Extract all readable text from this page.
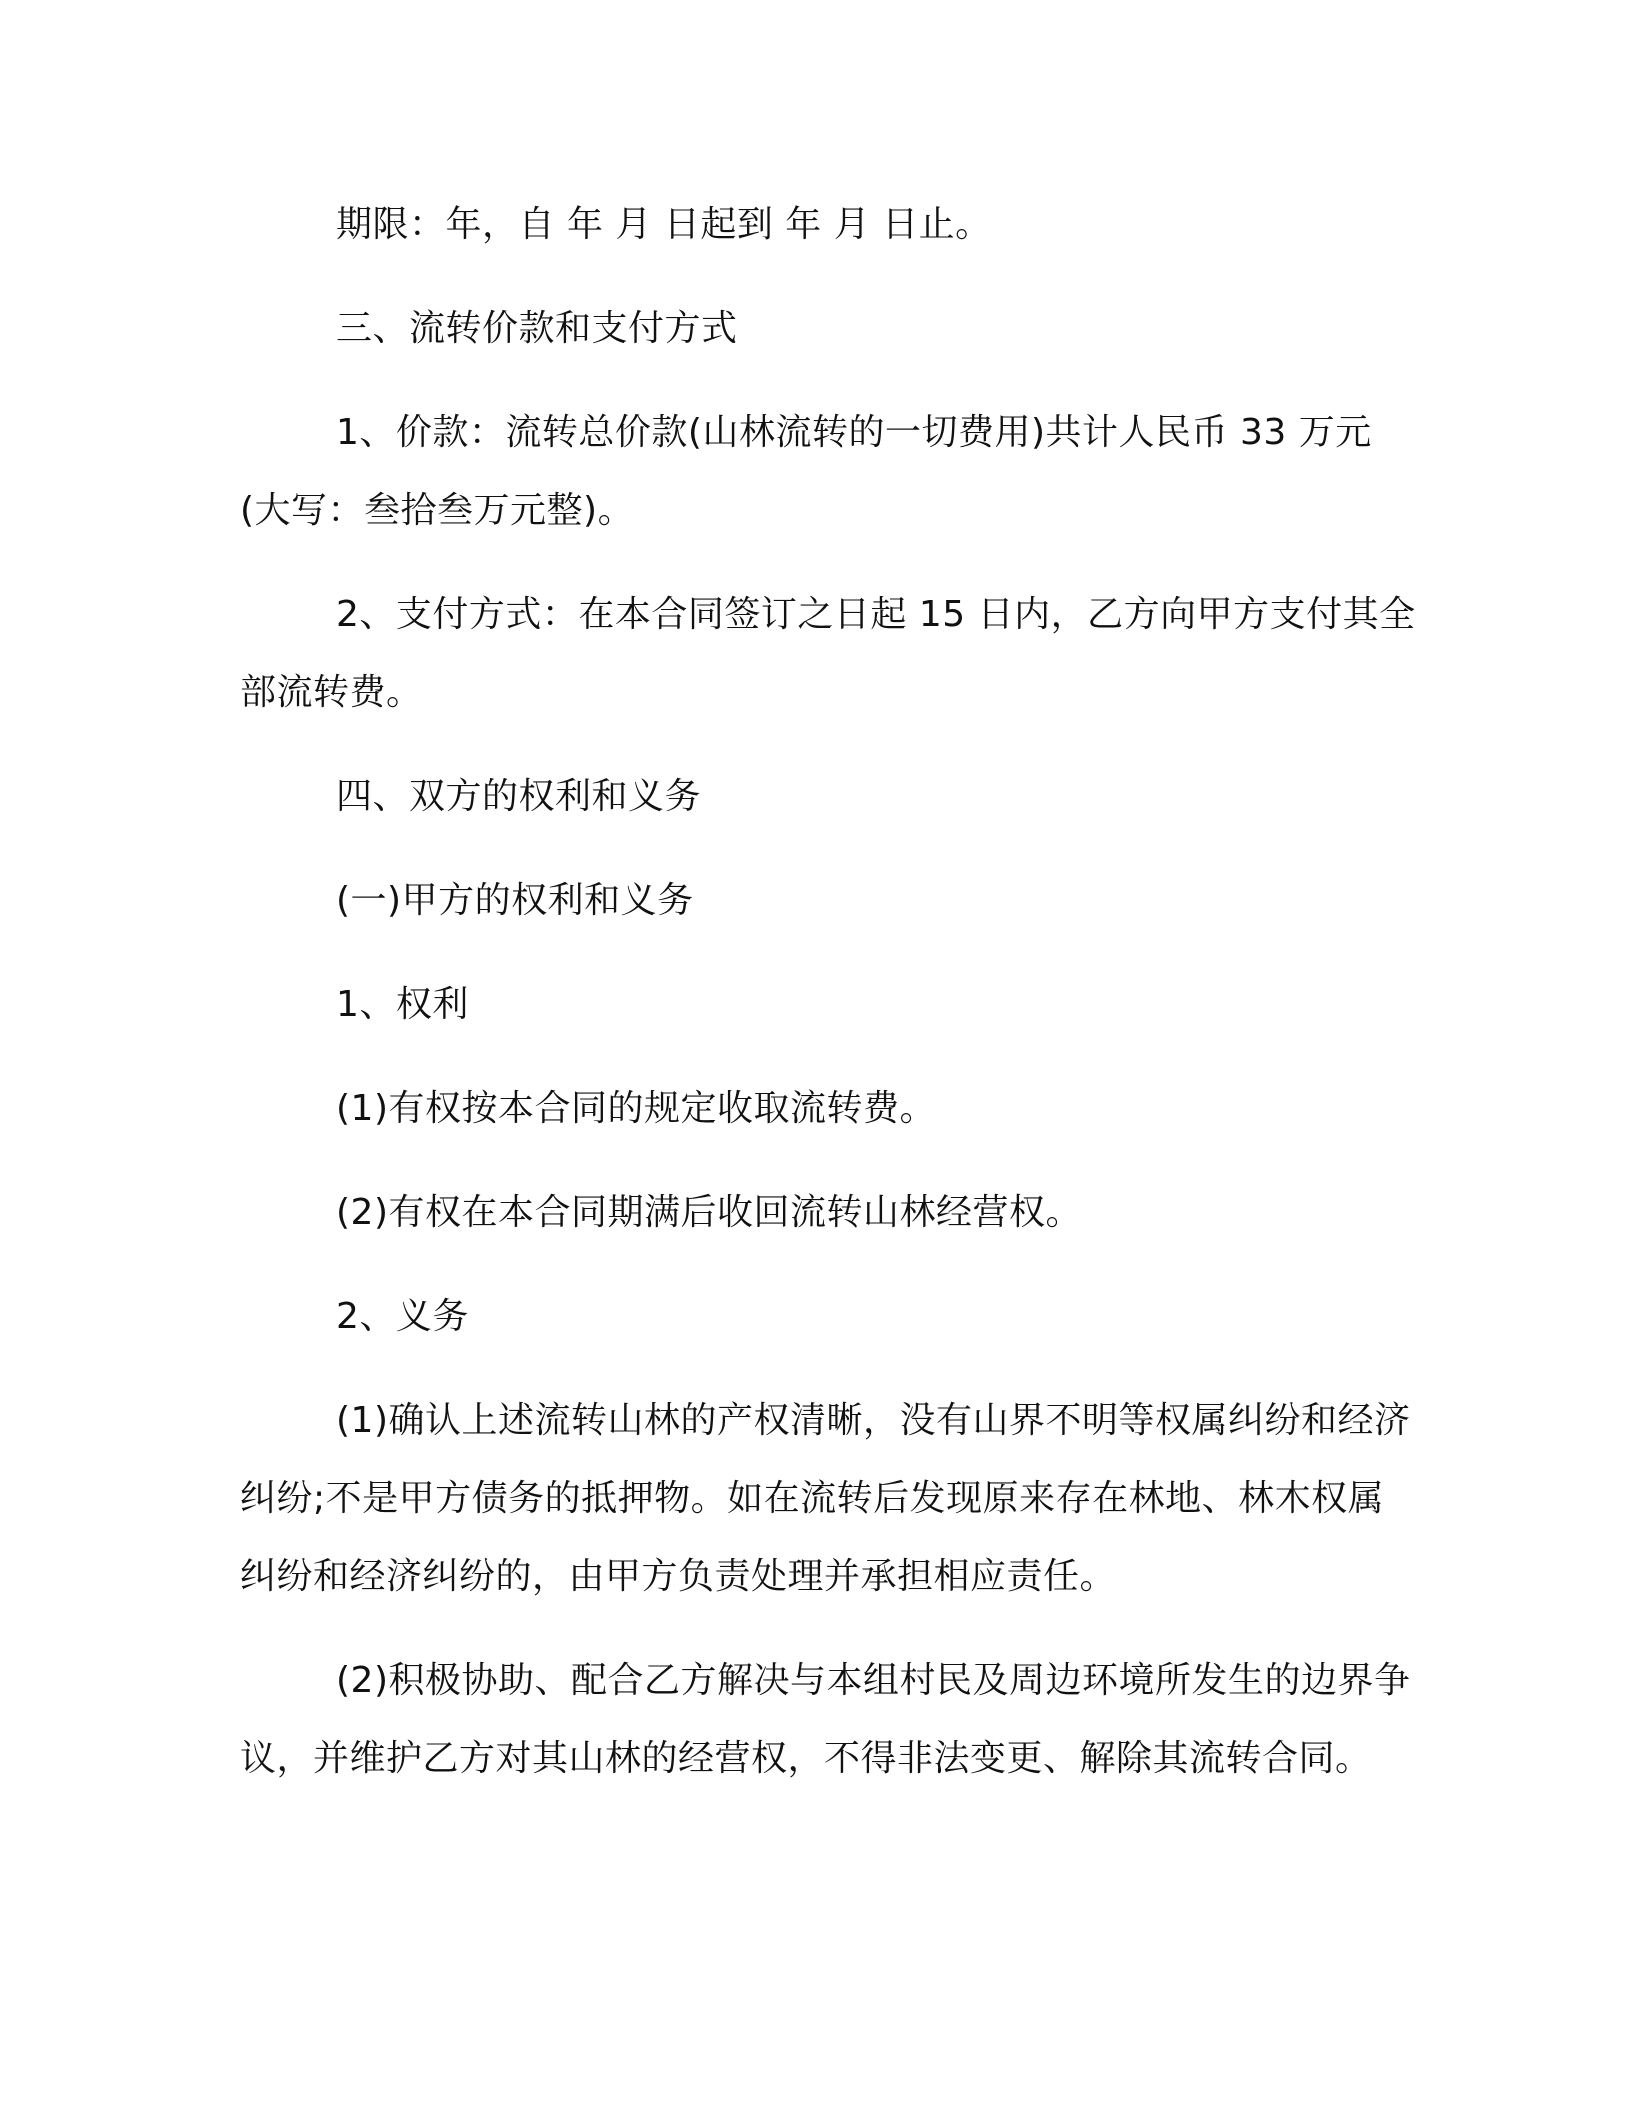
期限：年，自 年 月 日起到 年 月 日止。

三、流转价款和支付方式

1、价款：流转总价款(山林流转的一切费用)共计人民币 33 万元(大写：叁拾叁万元整)。

2、支付方式：在本合同签订之日起 15 日内，乙方向甲方支付其全部流转费。

四、双方的权利和义务

(一)甲方的权利和义务

1、权利

(1)有权按本合同的规定收取流转费。

(2)有权在本合同期满后收回流转山林经营权。

2、义务

(1)确认上述流转山林的产权清晰，没有山界不明等权属纠纷和经济纠纷;不是甲方债务的抵押物。如在流转后发现原来存在林地、林木权属纠纷和经济纠纷的，由甲方负责处理并承担相应责任。

(2)积极协助、配合乙方解决与本组村民及周边环境所发生的边界争议，并维护乙方对其山林的经营权，不得非法变更、解除其流转合同。
